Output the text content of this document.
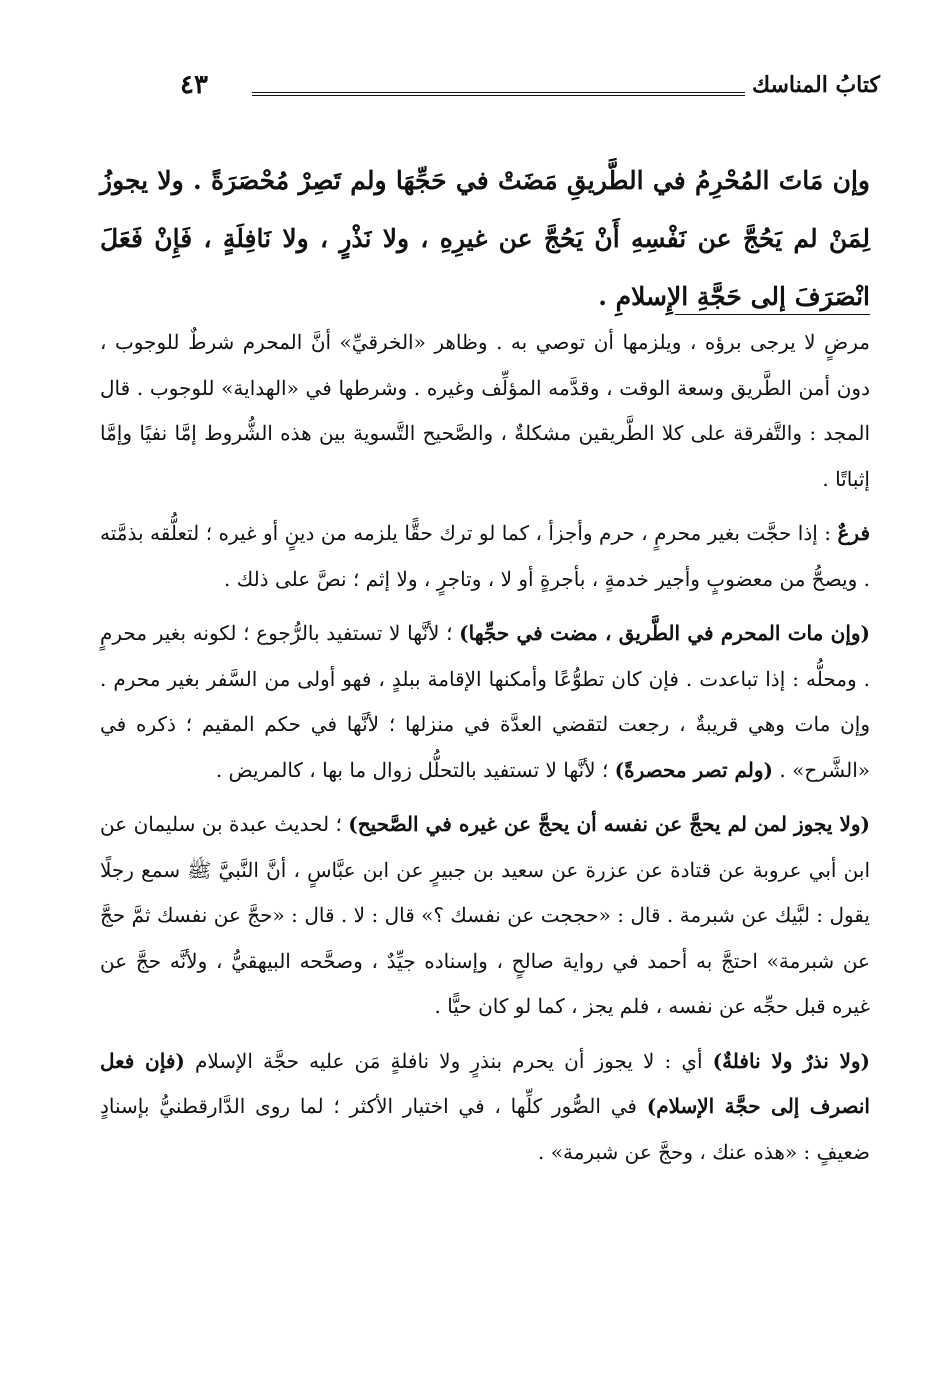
كتابُ المناسك
٤٣
وإن مَاتَ المُحْرِمُ في الطَّريقِ مَضَتْ في حَجِّهَا ولم تَصِرْ مُحْصَرَةً . ولا يجوزُ لِمَنْ لم يَحُجَّ عن نَفْسِهِ أَنْ يَحُجَّ عن غيرِهِ ، ولا نَذْرٍ ، ولا نَافِلَةٍ ، فَإِنْ فَعَلَ انْصَرَفَ إلى حَجَّةِ الإِسلامِ .

مرضٍ لا يرجى برؤه ، ويلزمها أن توصي به . وظاهر «الخرقيِّ» أنَّ المحرم شرطٌ للوجوب ، دون أمن الطَّريق وسعة الوقت ، وقدَّمه المؤلِّف وغيره . وشرطها في «الهداية» للوجوب . قال المجد : والتَّفرقة على كلا الطَّريقين مشكلةٌ ، والصَّحيح التَّسوية بين هذه الشُّروط إمَّا نفيًا وإمَّا إثباتًا .

فرعٌ : إذا حجَّت بغير محرمٍ ، حرم وأجزأ ، كما لو ترك حقًّا يلزمه من دينٍ أو غيره ؛ لتعلُّقه بذمَّته . ويصحُّ من معضوبٍ وأجير خدمةٍ ، بأجرةٍ أو لا ، وتاجرٍ ، ولا إثم ؛ نصَّ على ذلك .

(وإن مات المحرم في الطَّريق ، مضت في حجِّها) ؛ لأنَّها لا تستفيد بالرُّجوع ؛ لكونه بغير محرمٍ . ومحلُّه : إذا تباعدت . فإن كان تطوُّعًا وأمكنها الإقامة ببلدٍ ، فهو أولى من السَّفر بغير محرم . وإن مات وهي قريبةٌ ، رجعت لتقضي العدَّة في منزلها ؛ لأنَّها في حكم المقيم ؛ ذكره في «الشَّرح» . (ولم تصر محصرةً) ؛ لأنَّها لا تستفيد بالتحلُّل زوال ما بها ، كالمريض .

(ولا يجوز لمن لم يحجَّ عن نفسه أن يحجَّ عن غيره في الصَّحيح) ؛ لحديث عبدة بن سليمان عن ابن أبي عروبة عن قتادة عن عزرة عن سعيد بن جبيرٍ عن ابن عبَّاسٍ ، أنَّ النَّبيَّ ﷺ سمع رجلًا يقول : لبَّيك عن شبرمة . قال : «حججت عن نفسك ؟» قال : لا . قال : «حجَّ عن نفسك ثمَّ حجَّ عن شبرمة» احتجَّ به أحمد في رواية صالحٍ ، وإسناده جيِّدٌ ، وصحَّحه البيهقيُّ ، ولأنَّه حجَّ عن غيره قبل حجِّه عن نفسه ، فلم يجز ، كما لو كان حيًّا .

(ولا نذرٌ ولا نافلةٌ) أي : لا يجوز أن يحرم بنذرٍ ولا نافلةٍ مَن عليه حجَّة الإسلام (فإن فعل انصرف إلى حجَّة الإسلام) في الصُّور كلِّها ، في اختيار الأكثر ؛ لما روى الدَّارقطنيُّ بإسنادٍ ضعيفٍ : «هذه عنك ، وحجَّ عن شبرمة» .
